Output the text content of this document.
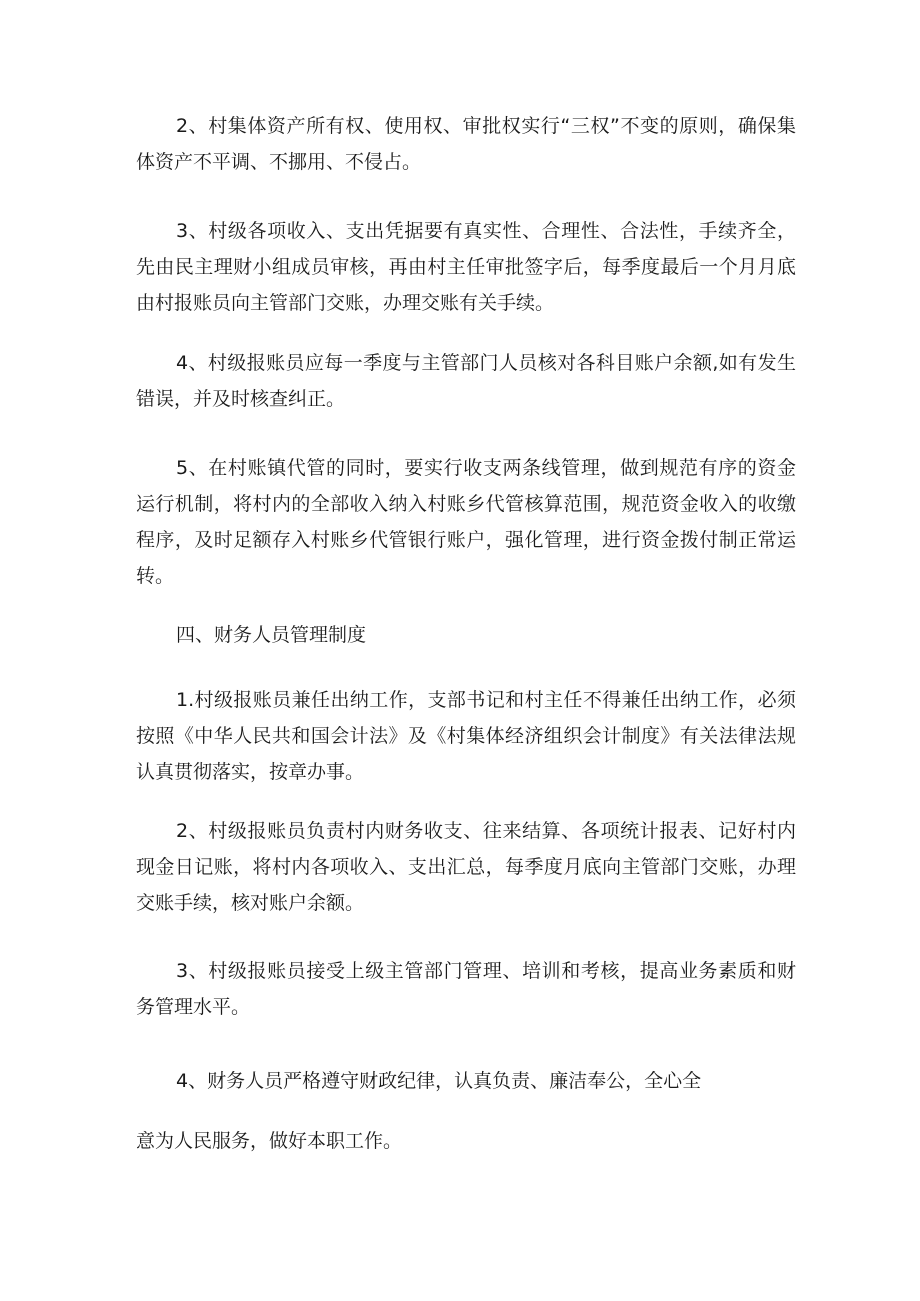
2、村集体资产所有权、使用权、审批权实行“三权”不变的原则，确保集体资产不平调、不挪用、不侵占。

3、村级各项收入、支出凭据要有真实性、合理性、合法性，手续齐全，先由民主理财小组成员审核，再由村主任审批签字后，每季度最后一个月月底由村报账员向主管部门交账，办理交账有关手续。

4、村级报账员应每一季度与主管部门人员核对各科目账户余额,如有发生错误，并及时核查纠正。

5、在村账镇代管的同时，要实行收支两条线管理，做到规范有序的资金运行机制，将村内的全部收入纳入村账乡代管核算范围，规范资金收入的收缴程序，及时足额存入村账乡代管银行账户，强化管理，进行资金拨付制正常运转。

四、财务人员管理制度

1.村级报账员兼任出纳工作，支部书记和村主任不得兼任出纳工作，必须按照《中华人民共和国会计法》及《村集体经济组织会计制度》有关法律法规认真贯彻落实，按章办事。

2、村级报账员负责村内财务收支、往来结算、各项统计报表、记好村内现金日记账，将村内各项收入、支出汇总，每季度月底向主管部门交账，办理交账手续，核对账户余额。

3、村级报账员接受上级主管部门管理、培训和考核，提高业务素质和财务管理水平。

4、财务人员严格遵守财政纪律，认真负责、廉洁奉公，全心全

意为人民服务，做好本职工作。
